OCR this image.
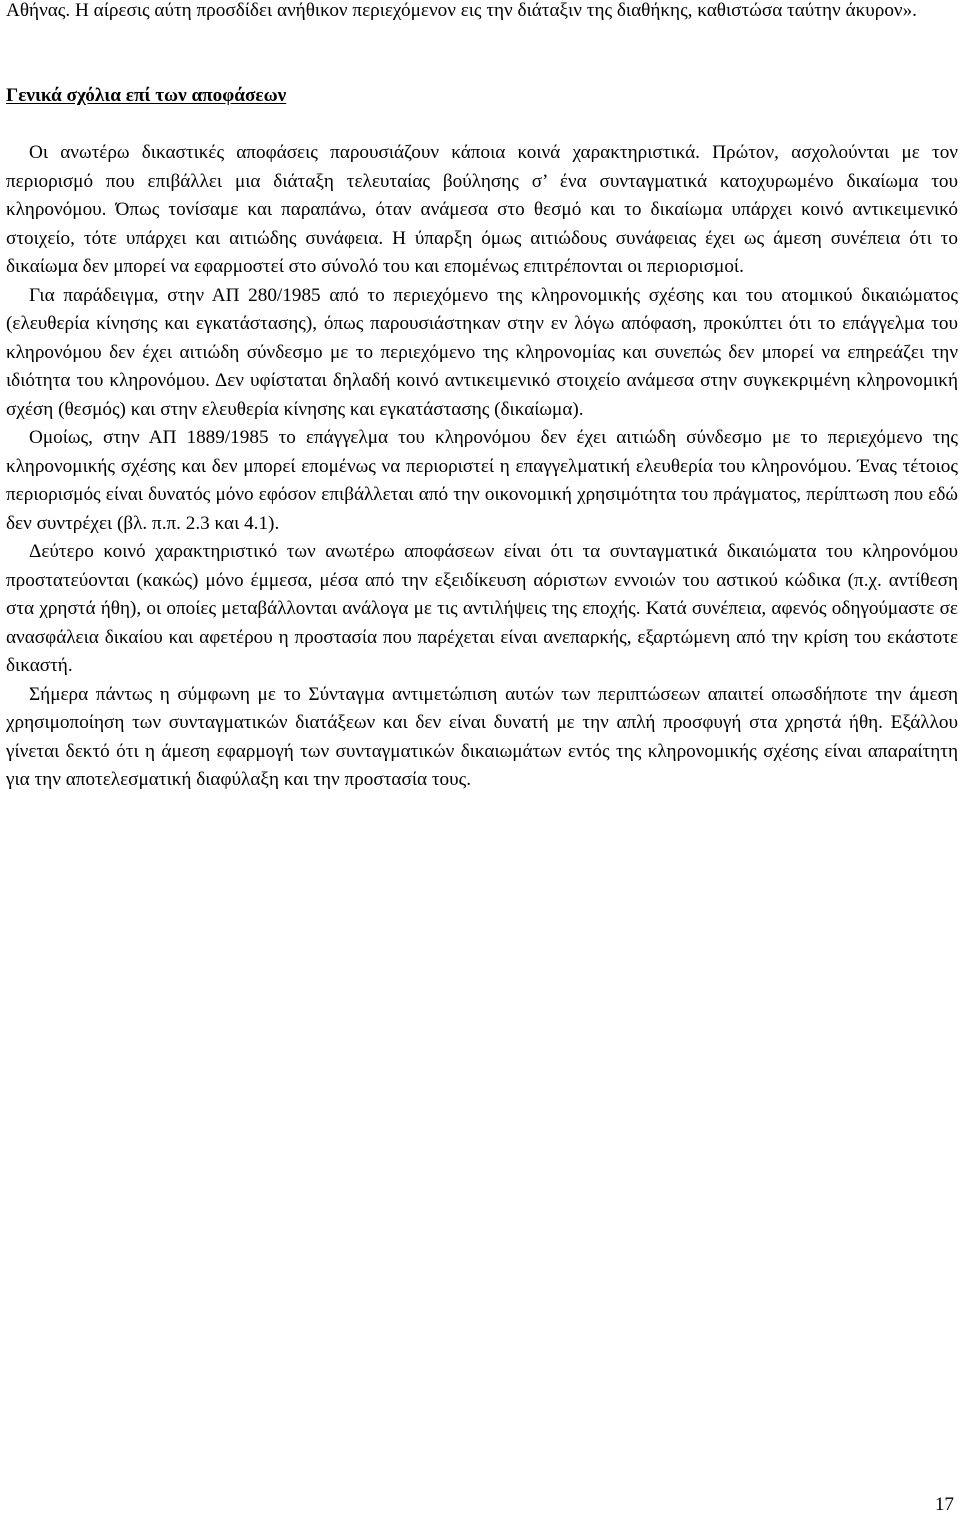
Αθήνας. Η αίρεσις αύτη προσδίδει ανήθικον περιεχόμενον εις την διάταξιν της διαθήκης, καθιστώσα ταύτην άκυρον».

Γενικά σχόλια επί των αποφάσεων

Οι ανωτέρω δικαστικές αποφάσεις παρουσιάζουν κάποια κοινά χαρακτηριστικά. Πρώτον, ασχολούνται με τον περιορισμό που επιβάλλει μια διάταξη τελευταίας βούλησης σ’ ένα συνταγματικά κατοχυρωμένο δικαίωμα του κληρονόμου. Όπως τονίσαμε και παραπάνω, όταν ανάμεσα στο θεσμό και το δικαίωμα υπάρχει κοινό αντικειμενικό στοιχείο, τότε υπάρχει και αιτιώδης συνάφεια. Η ύπαρξη όμως αιτιώδους συνάφειας έχει ως άμεση συνέπεια ότι το δικαίωμα δεν μπορεί να εφαρμοστεί στο σύνολό του και επομένως επιτρέπονται οι περιορισμοί.

Για παράδειγμα, στην ΑΠ 280/1985 από το περιεχόμενο της κληρονομικής σχέσης και του ατομικού δικαιώματος (ελευθερία κίνησης και εγκατάστασης), όπως παρουσιάστηκαν στην εν λόγω απόφαση, προκύπτει ότι το επάγγελμα του κληρονόμου δεν έχει αιτιώδη σύνδεσμο με το περιεχόμενο της κληρονομίας και συνεπώς δεν μπορεί να επηρεάζει την ιδιότητα του κληρονόμου. Δεν υφίσταται δηλαδή κοινό αντικειμενικό στοιχείο ανάμεσα στην συγκεκριμένη κληρονομική σχέση (θεσμός) και στην ελευθερία κίνησης και εγκατάστασης (δικαίωμα).

Ομοίως, στην ΑΠ 1889/1985 το επάγγελμα του κληρονόμου δεν έχει αιτιώδη σύνδεσμο με το περιεχόμενο της κληρονομικής σχέσης και δεν μπορεί επομένως να περιοριστεί η επαγγελματική ελευθερία του κληρονόμου. Ένας τέτοιος περιορισμός είναι δυνατός μόνο εφόσον επιβάλλεται από την οικονομική χρησιμότητα του πράγματος, περίπτωση που εδώ δεν συντρέχει (βλ. π.π. 2.3 και 4.1).

Δεύτερο κοινό χαρακτηριστικό των ανωτέρω αποφάσεων είναι ότι τα συνταγματικά δικαιώματα του κληρονόμου προστατεύονται (κακώς) μόνο έμμεσα, μέσα από την εξειδίκευση αόριστων εννοιών του αστικού κώδικα (π.χ. αντίθεση στα χρηστά ήθη), οι οποίες μεταβάλλονται ανάλογα με τις αντιλήψεις της εποχής. Κατά συνέπεια, αφενός οδηγούμαστε σε ανασφάλεια δικαίου και αφετέρου η προστασία που παρέχεται είναι ανεπαρκής, εξαρτώμενη από την κρίση του εκάστοτε δικαστή.

Σήμερα πάντως η σύμφωνη με το Σύνταγμα αντιμετώπιση αυτών των περιπτώσεων απαιτεί οπωσδήποτε την άμεση χρησιμοποίηση των συνταγματικών διατάξεων και δεν είναι δυνατή με την απλή προσφυγή στα χρηστά ήθη. Εξάλλου γίνεται δεκτό ότι η άμεση εφαρμογή των συνταγματικών δικαιωμάτων εντός της κληρονομικής σχέσης είναι απαραίτητη για την αποτελεσματική διαφύλαξη και την προστασία τους.

17
